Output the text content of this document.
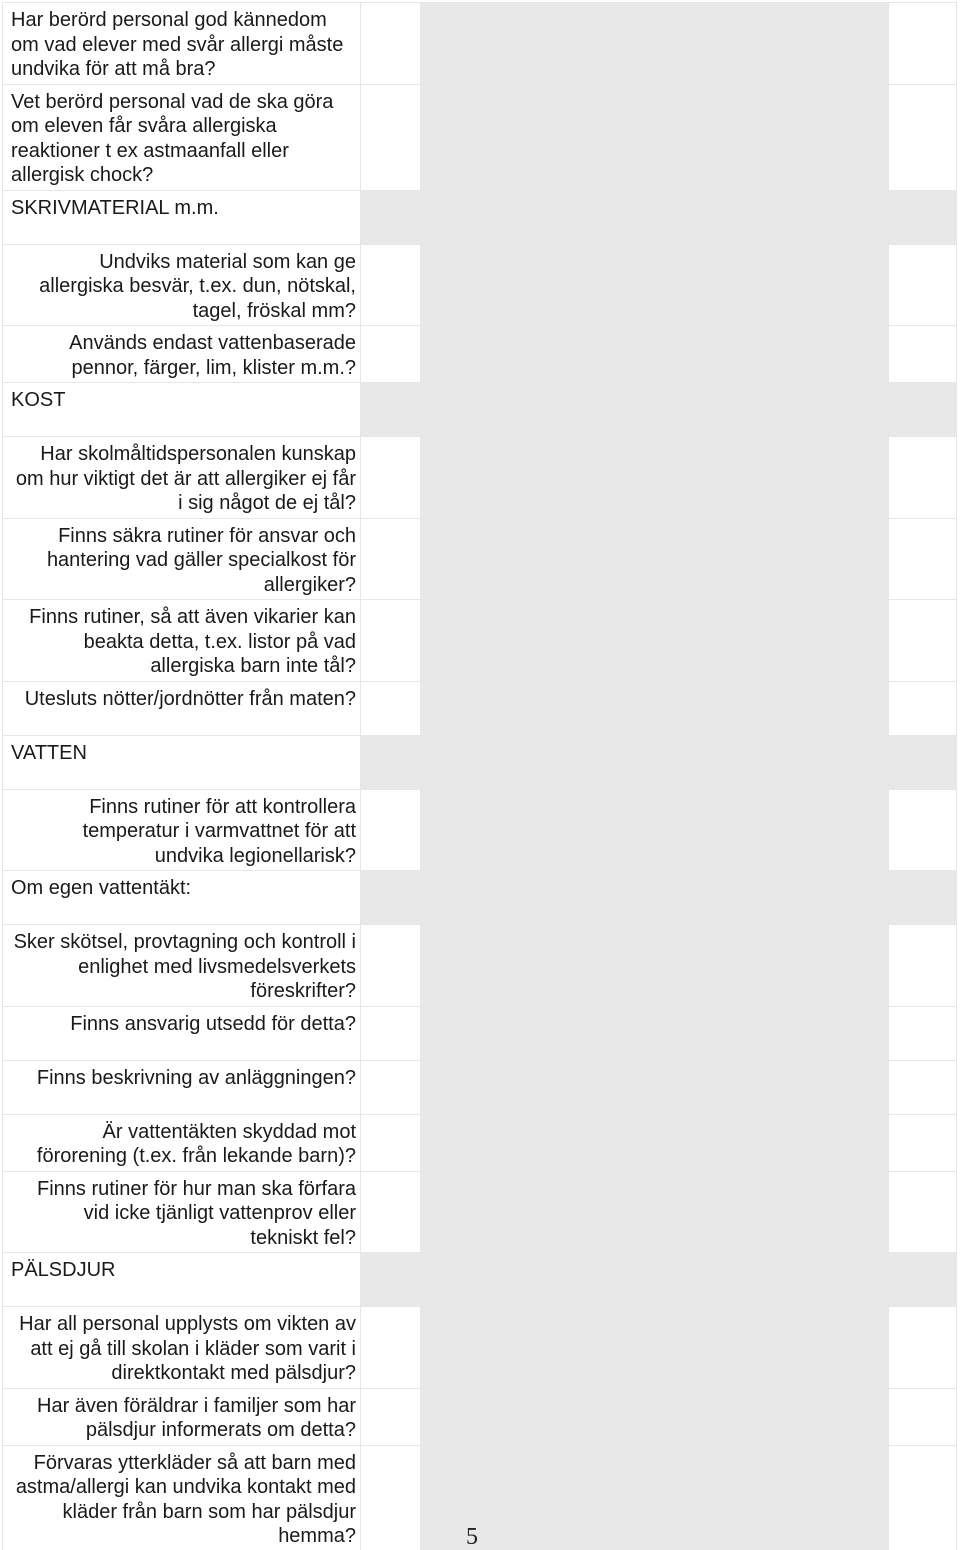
Har berörd personal god kännedom om vad elever med svår allergi måste undvika för att må bra?			
Vet berörd personal vad de ska göra om eleven får svåra allergiska reaktioner t ex astmaanfall eller allergisk chock?			
SKRIVMATERIAL m.m.			
Undviks material som kan ge allergiska besvär, t.ex. dun, nötskal, tagel, fröskal mm?			
Används endast vattenbaserade pennor, färger, lim, klister m.m.?			
KOST			
Har skolmåltidspersonalen kunskap om hur viktigt det är att allergiker ej får i sig något de ej tål?			
Finns säkra rutiner för ansvar och hantering vad gäller specialkost för allergiker?			
Finns rutiner, så att även vikarier kan beakta detta, t.ex. listor på vad allergiska barn inte tål?			
Utesluts nötter/jordnötter från maten?			
VATTEN			
Finns rutiner för att kontrollera temperatur i varmvattnet för att undvika legionellarisk?			
Om egen vattentäkt:			
Sker skötsel, provtagning och kontroll i enlighet med livsmedelsverkets föreskrifter?			
Finns ansvarig utsedd för detta?			
Finns beskrivning av anläggningen?			
Är vattentäkten skyddad mot förorening (t.ex. från lekande barn)?			
Finns rutiner för hur man ska förfara vid icke tjänligt vattenprov eller tekniskt fel?			
PÄLSDJUR			
Har all personal upplysts om vikten av att ej gå till skolan i kläder som varit i direktkontakt med pälsdjur?			
Har även föräldrar i familjer som har pälsdjur informerats om detta?			
Förvaras ytterkläder så att barn med astma/allergi kan undvika kontakt med kläder från barn som har pälsdjur hemma?				5
